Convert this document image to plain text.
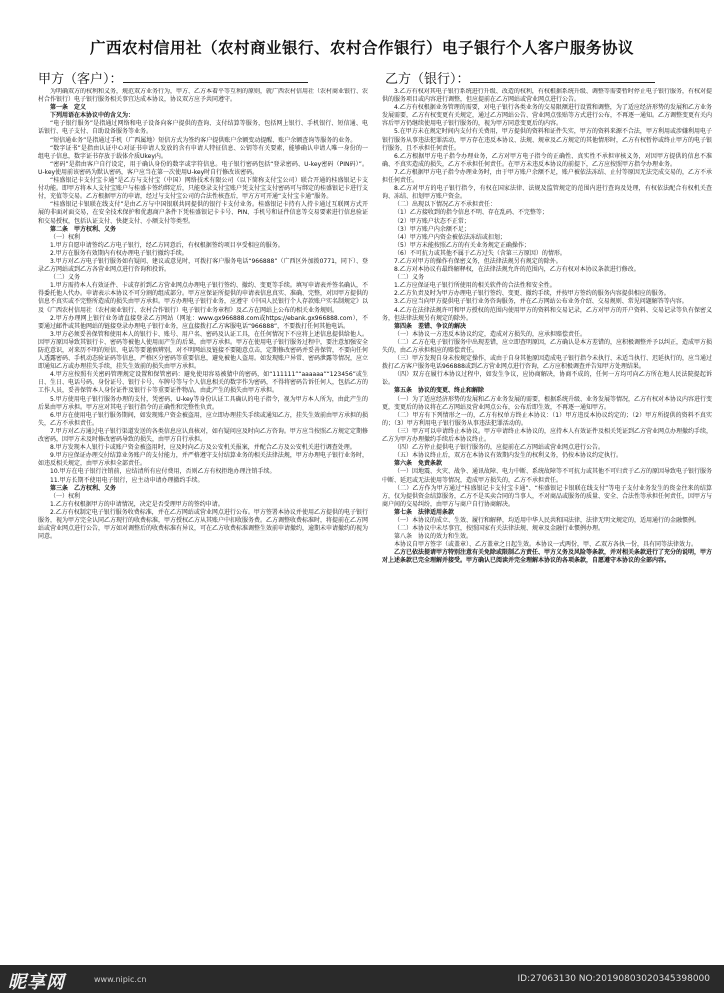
广西农村信用社（农村商业银行、农村合作银行）电子银行个人客户服务协议
甲方（客户）：	乙方（银行）：

为明确双方的权利和义务，规范双方业务行为，甲方、乙方本着平等互利的原则，就广西农村信用社（农村商业银行、农村合作银行）电子银行服务相关事宜达成本协议，协议双方应予共同遵守。

第一条　定义

下列用语在本协议中的含义为：

“电子银行服务”是指通过网络和电子设备向客户提供的查询、支付结算等服务，包括网上银行、手机银行、短信通、电话银行、电子支付、自助设备服务等业务。

“短信通业务”是指通过手机（广西属地）短信方式为签约客户提供账户余额变动提醒、账户余额查询等服务的业务。

“数字证书”是指由认证中心对证书申请人发放的含有申请人特征信息、公钥等有关要素，能够确认申请人唯一身份的一组电子信息，数字证书存放于载体介质Ukey内。

“密码”是指由客户自行设定，用于确认身份的数字或字符信息。电子银行密码包括“登录密码、U-key密码（PIN码）”。U-key使用前该密码为默认密码，客户应当在第一次使用U-key时自行修改该密码。

“桂盛银记卡支付宝卡通”是乙方与支付宝（中国）网络技术有限公司（以下简称支付宝公司）联合开通的桂盛银记卡支付功能。即甲方将本人支付宝账户与桂盛卡签约绑定后，只能登录支付宝账户凭支付宝支付密码可与绑定的桂盛银记卡进行支付，充值等交易。乙方根据甲方的申请，经过与支付宝公司的合法性核查后，甲方方可开通“支付宝卡通”服务。

“桂盛银记卡银联在线支付”是由乙方与中国银联共同提供的银行卡支付业务。桂盛银记卡持有人持卡通过互联网方式开展的非面对面交易，在安全技术保护和优惠商户条件下凭桂盛银记卡卡号、PIN、手机号和证件信息等交易要素进行信息验证和交易授权，包括认证支付、快捷支付、小额支付等类型。

第二条　甲方权利、义务

（一）权利

1.甲方自愿申请签约乙方电子银行，经乙方同意后，有权根据签约项目享受相应的服务。

2.甲方在服务有效期内有权办理电子银行撤约手续。

3.甲方对乙方电子银行服务如有疑问、建议或意见时，可拨打客户服务电话“966888”（广西区外加拨0771，同下）、登录乙方网站或到乙方各营业网点进行咨询和投诉。

（二）义务

1.甲方需持本人有效证件、卡或存折到乙方营业网点办理电子银行签约、撤约、变更等手续。填写申请表并签名确认，不得委托他人代办。申请表示本协议不可分割的组成部分。甲方应保证所提供的申请表信息真实、准确、完整，对因甲方提供的信息不真实或不完整所造成的损失由甲方承担。甲方办理电子银行业务，应遵守《中国人民银行个人存款账户实名制规定》以及《广西农村信用社（农村商业银行、农村合作银行）电子银行业务章程》及乙方在网站上公布的相关业务规则。

2.甲方办理网上银行业务请直接登录乙方网站（网址：www.gx966888.com或https://ebank.gx966888.com），不要通过邮件或其他网站的链接登录办理电子银行业务，应直接拨打乙方客服电话“966888”，不要拨打任何其他电话。

3.甲方必须妥善保管和使用本人的银行卡、账号、用户名、密码及认证工具，在任何情况下不应将上述信息提供给他人。因甲方原因导致其银行卡、密码等被他人使用而产生的后果，由甲方承担。甲方在使用电子银行服务过程中，要注意加强安全防范意识，对来历不明的短信、电话等要谨慎辨别，对不明网站及链接不要随意点击，定期修改密码并妥善保管，不要向任何人透露密码、手机动态验证码等信息，严格区分密码等重要信息，避免被他人盗用。如发现账户异常、密码泄露等情况，应立即通知乙方或办理挂失手续，挂失生效前的损失由甲方承担。

4.甲方应按照有关密码管理规定设置和保管密码：避免使用容易被猜中的密码，如“111111”“aaaaaa”“123456”或生日、生日、电话号码、身份证号、银行卡号、车牌号等与个人信息相关的数字作为密码，不得将密码告诉任何人，包括乙方的工作人员，妥善保管本人身份证件及银行卡等重要证件物品，由此产生的损失由甲方承担。

5.甲方使用电子银行服务办理的支付，凭密码、U-key等身份认证工具确认的电子指令，视为甲方本人所为，由此产生的后果由甲方承担。甲方应对其电子银行指令的正确性和完整性负责。

6.甲方在使用电子银行服务期间，如发现账户资金被盗用，应立即办理挂失手续或通知乙方，挂失生效前由甲方承担的损失，乙方不承担责任。

7.甲方对乙方通过电子银行渠道发送的各类信息应认真核对，如有疑问应及时向乙方咨询。甲方应当按照乙方规定定期修改密码，因甲方未及时修改密码导致的损失，由甲方自行承担。

8.甲方发现本人银行卡或账户资金被盗用时，应及时向乙方及公安机关报案，并配合乙方及公安机关进行调查处理。

9.甲方应保证办理交付结算业务账户的支付能力，并严格遵守支付结算业务的相关法律法规，甲方办理电子银行业务时，如违反相关规定，由甲方承担全部责任。

10.甲方在电子银行注销前，应结清所有应付费用，否则乙方有权拒绝办理注销手续。

11.甲方长期不使用电子银行，应主动申请办理撤约手续。

第三条　乙方权利、义务

（一）权利

1.乙方有权根据甲方的申请情况，决定是否受理甲方的签约申请。

2.乙方有权制定电子银行服务收费标准，并在乙方网站或营业网点进行公布。甲方签署本协议并使用乙方提供的电子银行服务，视为甲方完全认同乙方现行的收费标准，甲方授权乙方从其账户中扣收服务费。乙方调整收费标准时，将提前在乙方网站或营业网点进行公告，甲方如对调整后的收费标准有异议，可在乙方收费标准调整生效前申请撤约，逾期未申请撤约的视为同意。

3.乙方有权对其电子银行系统进行升级、改造的权利，有权根据系统升级、调整等需要暂时停止电子银行服务，有权对提供的服务项目或内容进行调整，但应提前在乙方网站或营业网点进行公告。

4.乙方有权根据业务管理的需要，对电子银行各类业务的交易限额进行设置和调整，为了适应经济形势的发展和乙方业务发展需要，乙方有权变更有关规定，通过乙方网站公告、营业网点张贴等方式进行公布，不再逐一通知。乙方调整变更有关内容后甲方仍继续使用电子银行服务的，视为甲方同意变更后的内容。

5.在甲方未在规定时间内支付有关费用，甲方提供的资料和证件失实，甲方的资料来源不合法，甲方利用或涉嫌利用电子银行服务从事违法犯罪活动，甲方存在违反本协议、法规、规章及乙方规定的其他情形时，乙方有权暂停或终止甲方的电子银行服务，且不承担任何责任。

6.乙方根据甲方电子指令办理业务，乙方对甲方电子指令的正确性、真实性不承担审核义务，对因甲方提供的信息不准确、不真实造成的损失，乙方不承担任何责任。在甲方未违反本协议的前提下，乙方应按照甲方指令办理业务。

7.乙方根据甲方电子指令办理业务时，由于甲方账户余额不足，账户被依法冻结、止付等原因无法完成交易的，乙方不承担任何责任。

8.乙方对甲方的电子银行指令，有权在国家法律、法规及监管规定的范围内进行查询及处理，有权依法配合有权机关查询、冻结、扣划甲方账户资金。

（二）出现以下情况乙方不承担责任：

（1）乙方接收到的指令信息不明、存在乱码、不完整等；

（2）甲方账户状态不正常；

（3）甲方账户内余额不足；

（4）甲方账户内资金被依法冻结或扣划；

（5）甲方未能按照乙方的有关业务规定正确操作；

（6）不可抗力或其他不属于乙方过失（含第三方原因）的情形。

7.乙方对甲方的操作有保密义务，但法律法规另有规定的除外。

8.乙方对本协议有最终解释权，在法律法规允许的范围内，乙方有权对本协议条款进行修改。

（二）义务

1.乙方应保证电子银行所使用的相关软件的合法性和安全性。

2.乙方负责及时为甲方办理电子银行签约、变更、撤约手续，并按甲方签约的服务内容提供相应的服务。

3.乙方应当向甲方提供电子银行业务咨询服务，并在乙方网站公布业务介绍、交易规则、常见问题解答等内容。

4.乙方在法律法规许可和甲方授权的范围内使用甲方的资料和交易记录，乙方对甲方的开户资料、交易记录等负有保密义务，但法律法规另有规定的除外。

第四条　差错、争议的解决

（一）本协议一方违反本协议约定，造成对方损失的，应承担赔偿责任。

（二）乙方在电子银行服务中出现差错，应立即查明原因，乙方确认是本方差错的，应积极调整并予以纠正，造成甲方损失的，由乙方承担相应的赔偿责任。

（三）甲方发现自身未按规定操作，或由于自身其他原因造成电子银行指令未执行、未适当执行、迟延执行的，应当通过拨打乙方客户服务电话966888或到乙方营业网点进行咨询，乙方应积极调查并告知甲方处理结果。

（四）双方在履行本协议过程中，如发生争议，应协商解决，协商不成的，任何一方均可向乙方所在地人民法院提起诉讼。

第五条　协议的变更、终止和解除

（一）为了适应经济形势的发展和乙方业务发展的需要，根据系统升级、业务发展等情况，乙方有权对本协议内容进行变更，变更后的协议将在乙方网站及营业网点公布，公布后即生效，不再逐一通知甲方。

（二）甲方有下列情形之一的，乙方有权单方终止本协议：（1）甲方违反本协议约定的；（2）甲方所提供的资料不真实的；（3）甲方利用电子银行服务从事违法犯罪活动的。

（三）甲方可以申请终止本协议。甲方申请终止本协议的，应持本人有效证件及相关凭证到乙方营业网点办理撤约手续，乙方为甲方办理撤约手续后本协议终止。

（四）乙方停止提供电子银行服务的，应提前在乙方网站或营业网点进行公告。

（五）本协议终止后，双方在本协议有效期内发生的权利义务，仍按本协议约定执行。

第六条　免责条款

（一）因地震、火灾、战争、通讯故障、电力中断、系统故障等不可抗力或其他不可归责于乙方的原因导致电子银行服务中断、延迟或无法使用等情况，造成甲方损失的，乙方不承担责任。

（二）乙方作为甲方通过“桂盛银记卡支付宝卡通”、“桂盛银记卡银联在线支付”等电子支付业务发生的资金往来的结算方，仅为提供资金结算服务，乙方不是买卖合同的当事人，不对商品或服务的质量、安全、合法性等承担任何责任，因甲方与商户间的交易纠纷，由甲方与商户自行协商解决。

第七条　法律适用条款

（一）本协议的成立、生效、履行和解释，均适用中华人民共和国法律，法律无明文规定的，适用通行的金融惯例。

（二）本协议中未尽事宜，按照国家有关法律法规、规章及金融行业惯例办理。

第八条　协议的效力和生效。

本协议自甲方签字（或盖章）、乙方盖章之日起生效。本协议一式两份，甲、乙双方各执一份，具有同等法律效力。

乙方已依法提请甲方特别注意有关免除或限制乙方责任、甲方义务及风险等条款，并对相关条款进行了充分的说明，甲方对上述条款已完全理解并接受。甲方确认已阅读并完全理解本协议的各项条款，自愿遵守本协议的全部内容。

昵享网	www.nipic.cn	ID:27063130 NO:20190803020345398000
